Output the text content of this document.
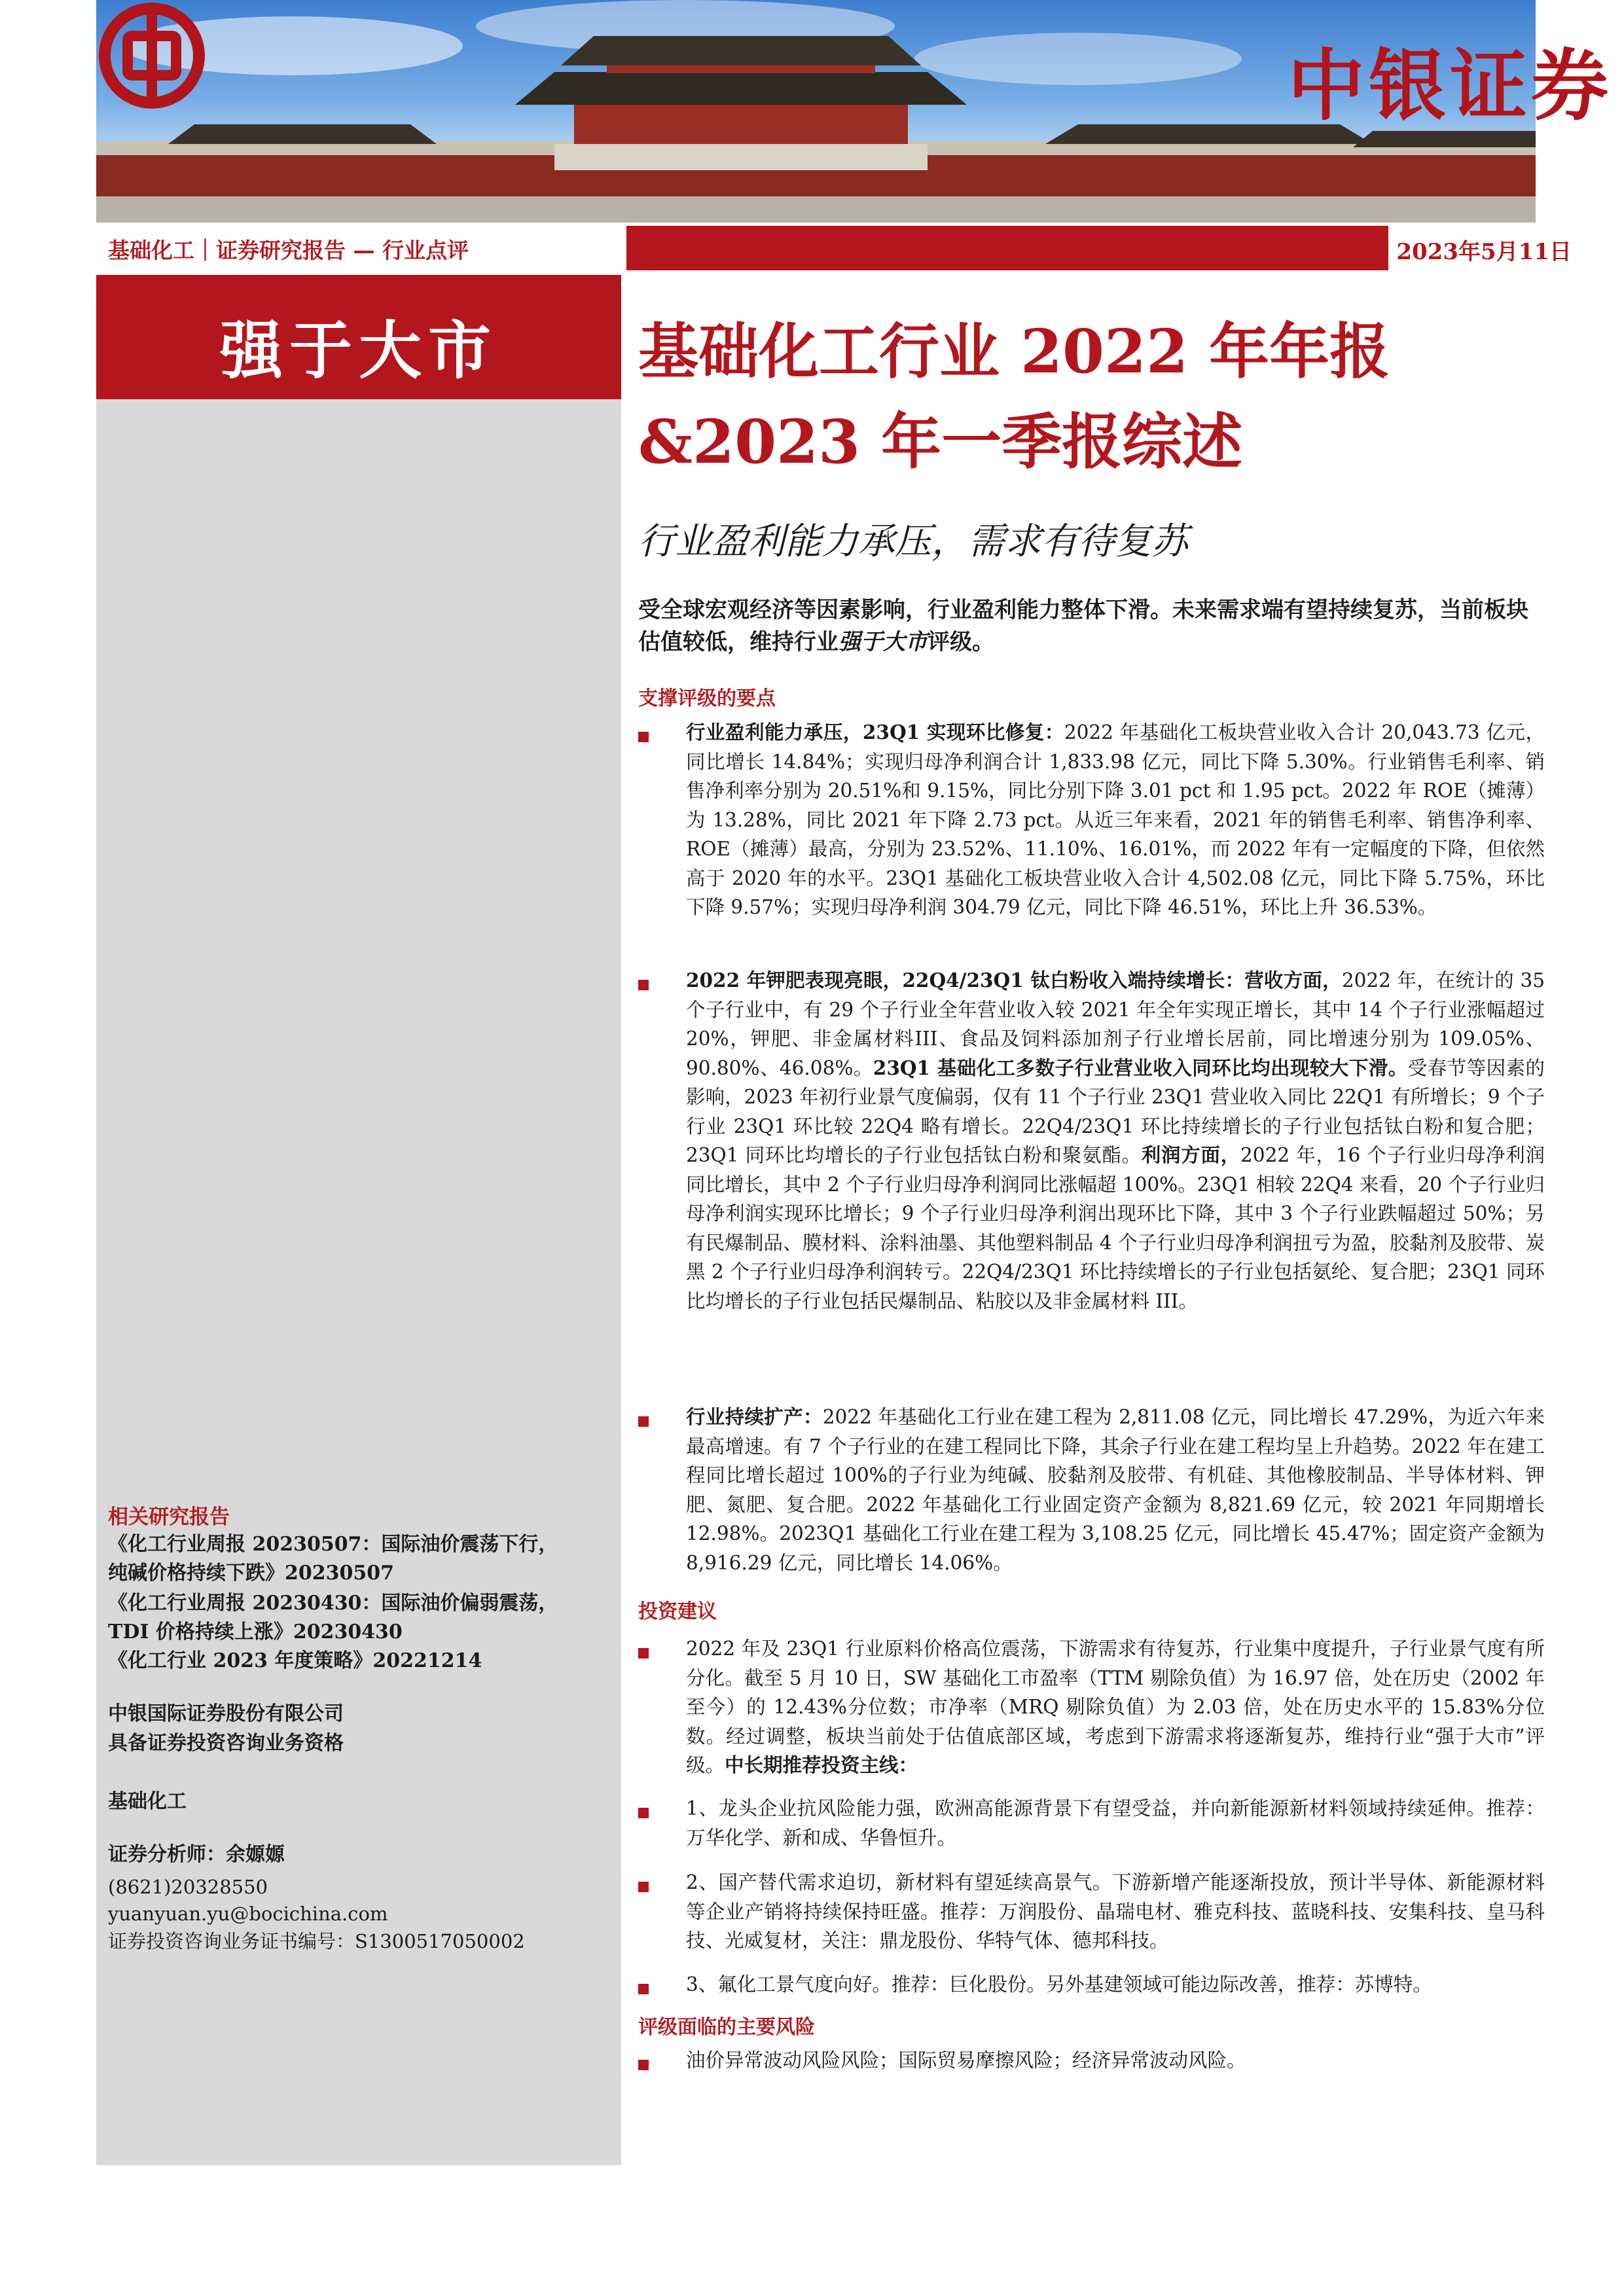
中银证券
基础化工｜证券研究报告 — 行业点评	2023年5月11日
强于大市
相关研究报告
《化工行业周报 20230507：国际油价震荡下行，
纯碱价格持续下跌》20230507
《化工行业周报 20230430：国际油价偏弱震荡，
TDI 价格持续上涨》20230430
《化工行业 2023 年度策略》20221214
中银国际证券股份有限公司
具备证券投资咨询业务资格
基础化工
证券分析师：余嫄嫄
(8621)20328550
yuanyuan.yu@bocichina.com
证券投资咨询业务证书编号：S1300517050002
基础化工行业 2022 年年报
&2023 年一季报综述
行业盈利能力承压，需求有待复苏
受全球宏观经济等因素影响，行业盈利能力整体下滑。未来需求端有望持续复苏，当前板块估值较低，维持行业强于大市评级。
支撑评级的要点
行业盈利能力承压，23Q1 实现环比修复：2022 年基础化工板块营业收入合计 20,043.73 亿元，同比增长 14.84%；实现归母净利润合计 1,833.98 亿元，同比下降 5.30%。行业销售毛利率、销售净利率分别为 20.51%和 9.15%，同比分别下降 3.01 pct 和 1.95 pct。2022 年 ROE（摊薄）为 13.28%，同比 2021 年下降 2.73 pct。从近三年来看，2021 年的销售毛利率、销售净利率、ROE（摊薄）最高，分别为 23.52%、11.10%、16.01%，而 2022 年有一定幅度的下降，但依然高于 2020 年的水平。23Q1 基础化工板块营业收入合计 4,502.08 亿元，同比下降 5.75%，环比下降 9.57%；实现归母净利润 304.79 亿元，同比下降 46.51%，环比上升 36.53%。
2022 年钾肥表现亮眼，22Q4/23Q1 钛白粉收入端持续增长：营收方面，2022 年，在统计的 35 个子行业中，有 29 个子行业全年营业收入较 2021 年全年实现正增长，其中 14 个子行业涨幅超过 20%，钾肥、非金属材料III、食品及饲料添加剂子行业增长居前，同比增速分别为 109.05%、90.80%、46.08%。23Q1 基础化工多数子行业营业收入同环比均出现较大下滑。受春节等因素的影响，2023 年初行业景气度偏弱，仅有 11 个子行业 23Q1 营业收入同比 22Q1 有所增长；9 个子行业 23Q1 环比较 22Q4 略有增长。22Q4/23Q1 环比持续增长的子行业包括钛白粉和复合肥；23Q1 同环比均增长的子行业包括钛白粉和聚氨酯。利润方面，2022 年，16 个子行业归母净利润同比增长，其中 2 个子行业归母净利润同比涨幅超 100%。23Q1 相较 22Q4 来看，20 个子行业归母净利润实现环比增长；9 个子行业归母净利润出现环比下降，其中 3 个子行业跌幅超过 50%；另有民爆制品、膜材料、涂料油墨、其他塑料制品 4 个子行业归母净利润扭亏为盈，胶黏剂及胶带、炭黑 2 个子行业归母净利润转亏。22Q4/23Q1 环比持续增长的子行业包括氨纶、复合肥；23Q1 同环比均增长的子行业包括民爆制品、粘胶以及非金属材料 III。
行业持续扩产：2022 年基础化工行业在建工程为 2,811.08 亿元，同比增长 47.29%，为近六年来最高增速。有 7 个子行业的在建工程同比下降，其余子行业在建工程均呈上升趋势。2022 年在建工程同比增长超过 100%的子行业为纯碱、胶黏剂及胶带、有机硅、其他橡胶制品、半导体材料、钾肥、氮肥、复合肥。2022 年基础化工行业固定资产金额为 8,821.69 亿元，较 2021 年同期增长 12.98%。2023Q1 基础化工行业在建工程为 3,108.25 亿元，同比增长 45.47%；固定资产金额为 8,916.29 亿元，同比增长 14.06%。
投资建议
2022 年及 23Q1 行业原料价格高位震荡，下游需求有待复苏，行业集中度提升，子行业景气度有所分化。截至 5 月 10 日，SW 基础化工市盈率（TTM 剔除负值）为 16.97 倍，处在历史（2002 年至今）的 12.43%分位数；市净率（MRQ 剔除负值）为 2.03 倍，处在历史水平的 15.83%分位数。经过调整，板块当前处于估值底部区域，考虑到下游需求将逐渐复苏，维持行业“强于大市”评级。中长期推荐投资主线：
1、龙头企业抗风险能力强，欧洲高能源背景下有望受益，并向新能源新材料领域持续延伸。推荐：万华化学、新和成、华鲁恒升。
2、国产替代需求迫切，新材料有望延续高景气。下游新增产能逐渐投放，预计半导体、新能源材料等企业产销将持续保持旺盛。推荐：万润股份、晶瑞电材、雅克科技、蓝晓科技、安集科技、皇马科技、光威复材，关注：鼎龙股份、华特气体、德邦科技。
3、氟化工景气度向好。推荐：巨化股份。另外基建领域可能边际改善，推荐：苏博特。
评级面临的主要风险
油价异常波动风险风险；国际贸易摩擦风险；经济异常波动风险。
